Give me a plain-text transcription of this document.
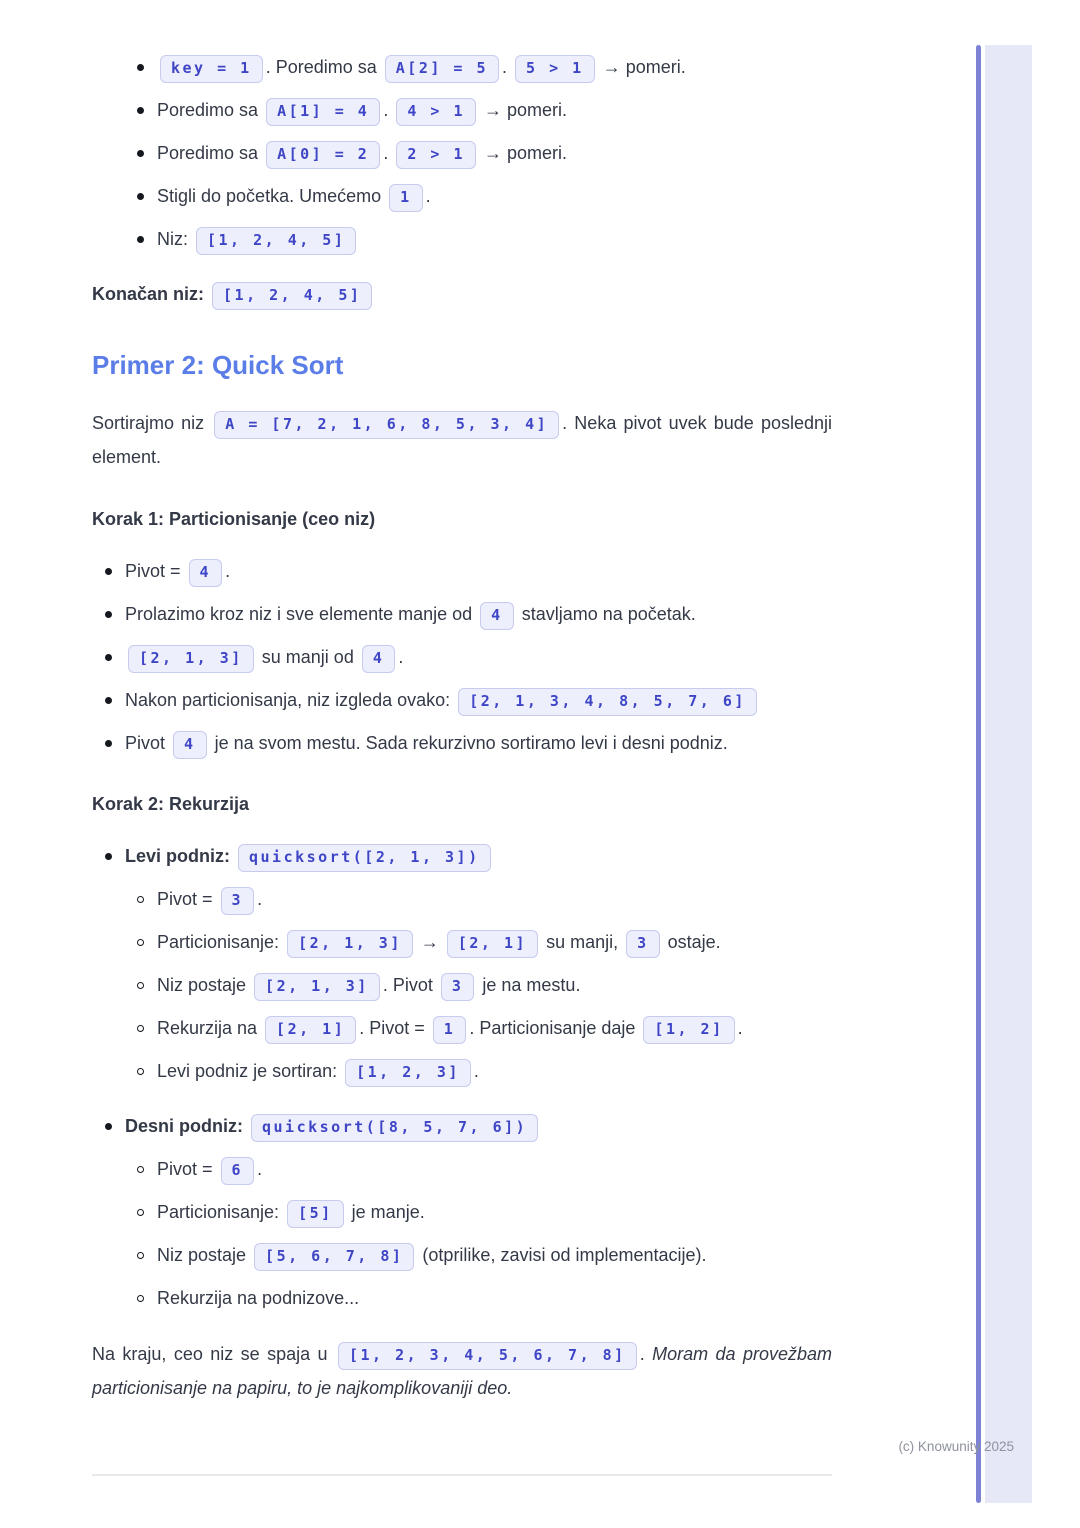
key = 1 . Poredimo sa A[2] = 5 . 5 > 1 → pomeri.
Poredimo sa A[1] = 4 . 4 > 1 → pomeri.
Poredimo sa A[0] = 2 . 2 > 1 → pomeri.
Stigli do početka. Umećemo 1 .
Niz: [1, 2, 4, 5]

Konačan niz: [1, 2, 4, 5]

Primer 2: Quick Sort

Sortirajmo niz A = [7, 2, 1, 6, 8, 5, 3, 4] . Neka pivot uvek bude poslednji element.

Korak 1: Particionisanje (ceo niz)

Pivot = 4 .
Prolazimo kroz niz i sve elemente manje od 4 stavljamo na početak.
[2, 1, 3] su manji od 4 .
Nakon particionisanja, niz izgleda ovako: [2, 1, 3, 4, 8, 5, 7, 6]
Pivot 4 je na svom mestu. Sada rekurzivno sortiramo levi i desni podniz.

Korak 2: Rekurzija

Levi podniz: quicksort([2, 1, 3])
Pivot = 3 .
Particionisanje: [2, 1, 3] → [2, 1] su manji, 3 ostaje.
Niz postaje [2, 1, 3] . Pivot 3 je na mestu.
Rekurzija na [2, 1] . Pivot = 1 . Particionisanje daje [1, 2] .
Levi podniz je sortiran: [1, 2, 3] .
Desni podniz: quicksort([8, 5, 7, 6])
Pivot = 6 .
Particionisanje: [5] je manje.
Niz postaje [5, 6, 7, 8] (otprilike, zavisi od implementacije).
Rekurzija na podnizove...

Na kraju, ceo niz se spaja u [1, 2, 3, 4, 5, 6, 7, 8] . Moram da provežbam particionisanje na papiru, to je najkomplikovaniji deo.

(c) Knowunity 2025
